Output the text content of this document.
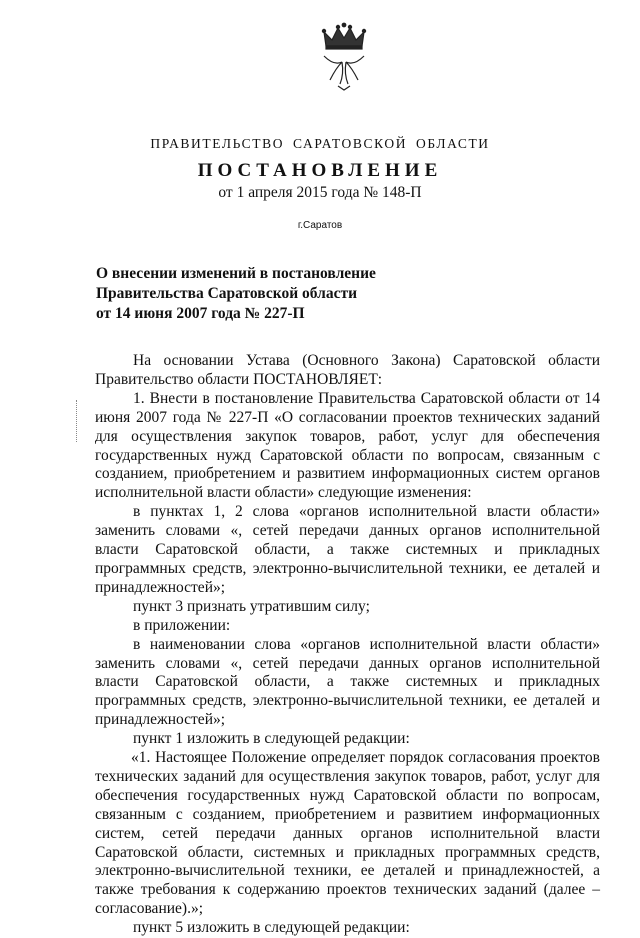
ПРАВИТЕЛЬСТВО САРАТОВСКОЙ ОБЛАСТИ
ПОСТАНОВЛЕНИЕ
от 1 апреля 2015 года № 148-П
г.Саратов
О внесении изменений в постановление
Правительства Саратовской области
от 14 июня 2007 года № 227-П

На основании Устава (Основного Закона) Саратовской области Правительство области ПОСТАНОВЛЯЕТ:

1. Внести в постановление Правительства Саратовской области от 14 июня 2007 года № 227-П «О согласовании проектов технических заданий для осуществления закупок товаров, работ, услуг для обеспечения государственных нужд Саратовской области по вопросам, связанным с созданием, приобретением и развитием информационных систем органов исполнительной власти области» следующие изменения:

в пунктах 1, 2 слова «органов исполнительной власти области» заменить словами «, сетей передачи данных органов исполнительной власти Саратовской области, а также системных и прикладных программных средств, электронно-вычислительной техники, ее деталей и принадлежностей»;

пункт 3 признать утратившим силу;

в приложении:

в наименовании слова «органов исполнительной власти области» заменить словами «, сетей передачи данных органов исполнительной власти Саратовской области, а также системных и прикладных программных средств, электронно-вычислительной техники, ее деталей и принадлежностей»;

пункт 1 изложить в следующей редакции:

«1. Настоящее Положение определяет порядок согласования проектов технических заданий для осуществления закупок товаров, работ, услуг для обеспечения государственных нужд Саратовской области по вопросам, связанным с созданием, приобретением и развитием информационных систем, сетей передачи данных органов исполнительной власти Саратовской области, системных и прикладных программных средств, электронно-вычислительной техники, ее деталей и принадлежностей, а также требования к содержанию проектов технических заданий (далее – согласование).»;

пункт 5 изложить в следующей редакции:
